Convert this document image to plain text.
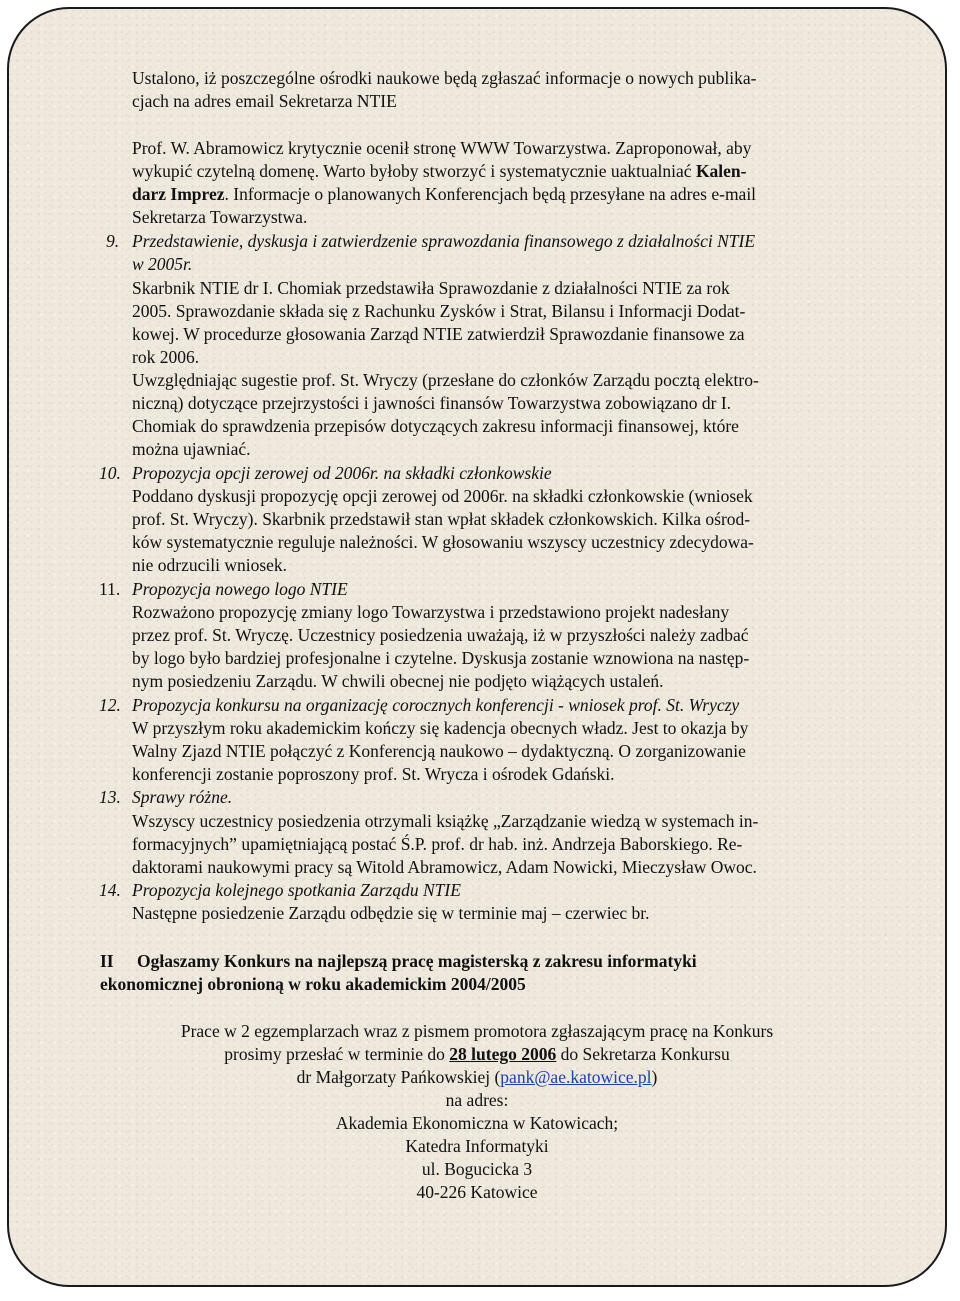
Ustalono, iż poszczególne ośrodki naukowe będą zgłaszać informacje o nowych publika-
cjach na adres email Sekretarza NTIE
Prof. W. Abramowicz krytycznie ocenił stronę WWW Towarzystwa. Zaproponował, aby
wykupić czytelną domenę. Warto byłoby stworzyć i systematycznie uaktualniać Kalen-
darz Imprez. Informacje o planowanych Konferencjach będą przesyłane na adres e-mail
Sekretarza Towarzystwa.
9. Przedstawienie, dyskusja i zatwierdzenie sprawozdania finansowego z działalności NTIE
w 2005r.
Skarbnik NTIE dr I. Chomiak przedstawiła Sprawozdanie z działalności NTIE za rok
2005. Sprawozdanie składa się z Rachunku Zysków i Strat, Bilansu i Informacji Dodat-
kowej. W procedurze głosowania Zarząd NTIE zatwierdził Sprawozdanie finansowe za
rok 2006.
Uwzględniając sugestie prof. St. Wryczy (przesłane do członków Zarządu pocztą elektro-
niczną) dotyczące przejrzystości i jawności finansów Towarzystwa zobowiązano dr I.
Chomiak do sprawdzenia przepisów dotyczących zakresu informacji finansowej, które
można ujawniać.
10. Propozycja opcji zerowej od 2006r. na składki członkowskie
Poddano dyskusji propozycję opcji zerowej od 2006r. na składki członkowskie (wniosek
prof. St. Wryczy). Skarbnik przedstawił stan wpłat składek członkowskich. Kilka ośrod-
ków systematycznie reguluje należności. W głosowaniu wszyscy uczestnicy zdecydowa-
nie odrzucili wniosek.
11. Propozycja nowego logo NTIE
Rozważono propozycję zmiany logo Towarzystwa i przedstawiono projekt nadesłany
przez prof. St. Wryczę. Uczestnicy posiedzenia uważają, iż w przyszłości należy zadbać
by logo było bardziej profesjonalne i czytelne. Dyskusja zostanie wznowiona na następ-
nym posiedzeniu Zarządu. W chwili obecnej nie podjęto wiążących ustaleń.
12. Propozycja konkursu na organizację corocznych konferencji - wniosek prof. St. Wryczy
W przyszłym roku akademickim kończy się kadencja obecnych władz. Jest to okazja by
Walny Zjazd NTIE połączyć z Konferencją naukowo – dydaktyczną. O zorganizowanie
konferencji zostanie poproszony prof. St. Wrycza i ośrodek Gdański.
13. Sprawy różne.
Wszyscy uczestnicy posiedzenia otrzymali książkę „Zarządzanie wiedzą w systemach in-
formacyjnych” upamiętniającą postać Ś.P. prof. dr hab. inż. Andrzeja Baborskiego. Re-
daktorami naukowymi pracy są Witold Abramowicz, Adam Nowicki, Mieczysław Owoc.
14. Propozycja kolejnego spotkania Zarządu NTIE
Następne posiedzenie Zarządu odbędzie się w terminie maj – czerwiec br.
II Ogłaszamy Konkurs na najlepszą pracę magisterską z zakresu informatyki
ekonomicznej obronioną w roku akademickim 2004/2005
Prace w 2 egzemplarzach wraz z pismem promotora zgłaszającym pracę na Konkurs
prosimy przesłać w terminie do 28 lutego 2006 do Sekretarza Konkursu
dr Małgorzaty Pańkowskiej (pank@ae.katowice.pl)
na adres:
Akademia Ekonomiczna w Katowicach;
Katedra Informatyki
ul. Bogucicka 3
40-226 Katowice
